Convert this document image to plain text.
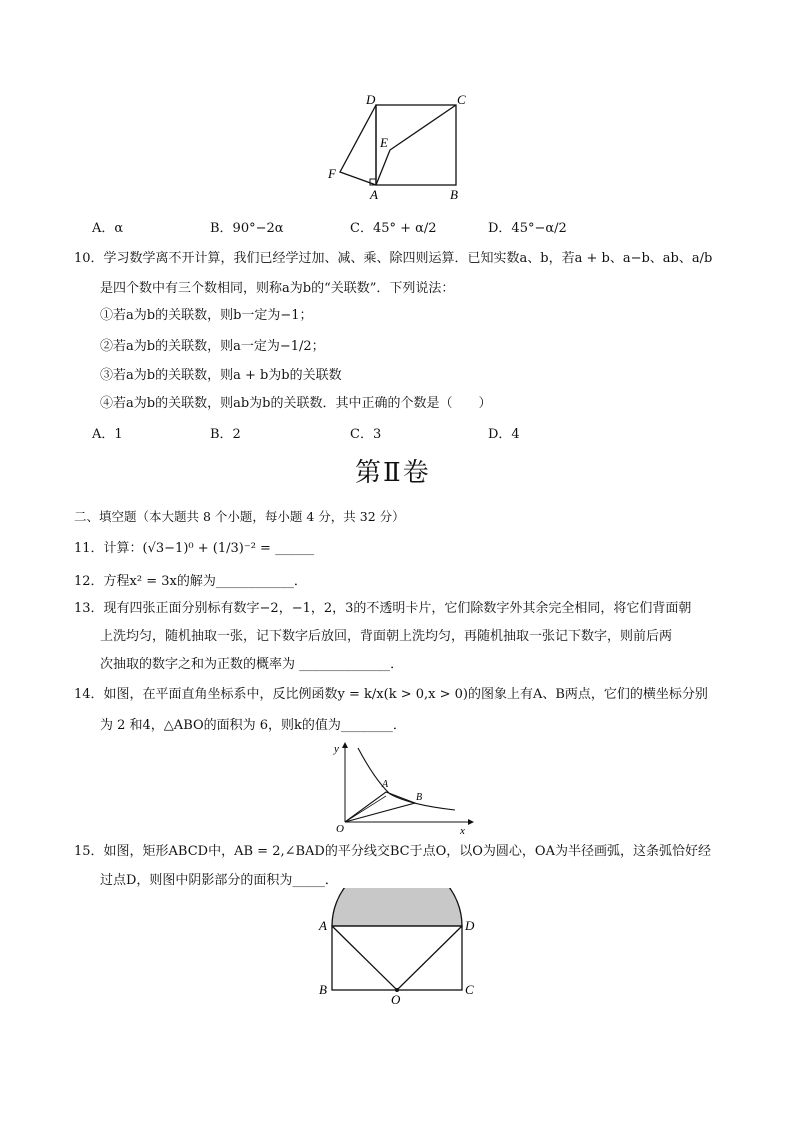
D	C
E
F
A	B
A．α	B．90°−2α	C．45° + α/2	D．45°−α/2
10．学习数学离不开计算，我们已经学过加、减、乘、除四则运算．已知实数a、b，若a + b、a−b、ab、a/b
是四个数中有三个数相同，则称a为b的“关联数”．下列说法：
①若a为b的关联数，则b一定为−1；
②若a为b的关联数，则a一定为−1/2；
③若a为b的关联数，则a + b为b的关联数
④若a为b的关联数，则ab为b的关联数．其中正确的个数是（　　）
A．1	B．2	C．3	D．4
第Ⅱ卷
二、填空题（本大题共 8 个小题，每小题 4 分，共 32 分）
11．计算：(√3−1)⁰ + (1/3)⁻² = ______
12．方程x² = 3x的解为____________．
13．现有四张正面分别标有数字−2，−1，2，3的不透明卡片，它们除数字外其余完全相同，将它们背面朝
上洗均匀，随机抽取一张，记下数字后放回，背面朝上洗均匀，再随机抽取一张记下数字，则前后两
次抽取的数字之和为正数的概率为 ______________．
14．如图，在平面直角坐标系中，反比例函数y = k/x(k > 0,x > 0)的图象上有A、B两点，它们的横坐标分别
为 2 和4，△ABO的面积为 6，则k的值为________．
y
x
O
A
B
15．如图，矩形ABCD中，AB = 2,∠BAD的平分线交BC于点O，以O为圆心，OA为半径画弧，这条弧恰好经
过点D，则图中阴影部分的面积为_____．
A	D
B
O
C
